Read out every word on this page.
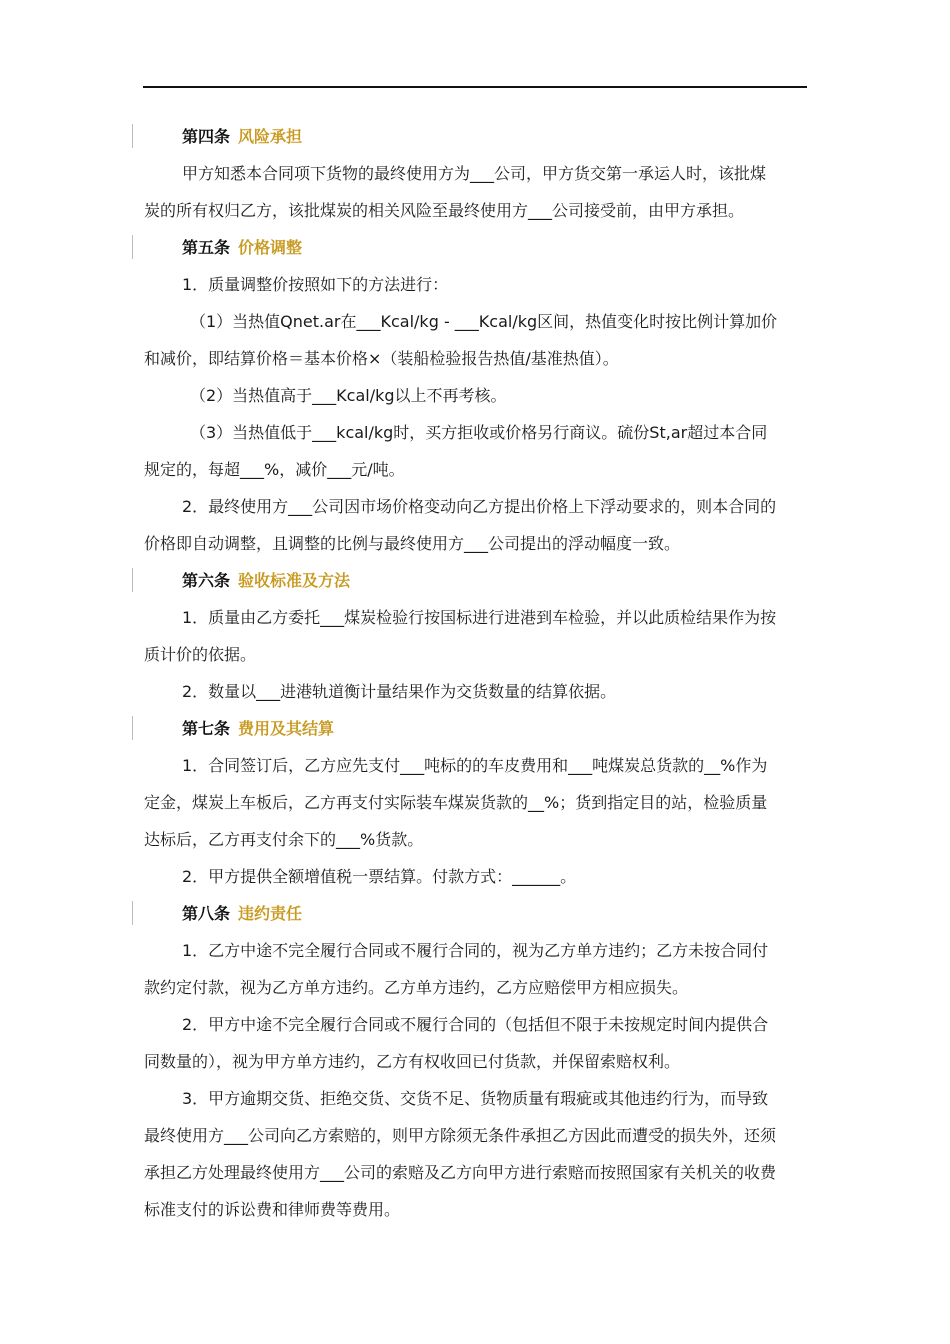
第四条 风险承担
甲方知悉本合同项下货物的最终使用方为___公司，甲方货交第一承运人时，该批煤
炭的所有权归乙方，该批煤炭的相关风险至最终使用方___公司接受前，由甲方承担。
第五条 价格调整
1．质量调整价按照如下的方法进行：
（1）当热值Qnet.ar在___Kcal/kg - ___Kcal/kg区间，热值变化时按比例计算加价
和减价，即结算价格＝基本价格×（装船检验报告热值/基准热值）。
（2）当热值高于___Kcal/kg以上不再考核。
（3）当热值低于___kcal/kg时，买方拒收或价格另行商议。硫份St,ar超过本合同
规定的，每超___%，减价___元/吨。
2．最终使用方___公司因市场价格变动向乙方提出价格上下浮动要求的，则本合同的
价格即自动调整，且调整的比例与最终使用方___公司提出的浮动幅度一致。
第六条 验收标准及方法
1．质量由乙方委托___煤炭检验行按国标进行进港到车检验，并以此质检结果作为按
质计价的依据。
2．数量以___进港轨道衡计量结果作为交货数量的结算依据。
第七条 费用及其结算
1．合同签订后，乙方应先支付___吨标的的车皮费用和___吨煤炭总货款的__%作为
定金，煤炭上车板后，乙方再支付实际装车煤炭货款的__%；货到指定目的站，检验质量
达标后，乙方再支付余下的___%货款。
2．甲方提供全额增值税一票结算。付款方式：______。
第八条 违约责任
1．乙方中途不完全履行合同或不履行合同的，视为乙方单方违约；乙方未按合同付
款约定付款，视为乙方单方违约。乙方单方违约，乙方应赔偿甲方相应损失。
2．甲方中途不完全履行合同或不履行合同的（包括但不限于未按规定时间内提供合
同数量的），视为甲方单方违约，乙方有权收回已付货款，并保留索赔权利。
3．甲方逾期交货、拒绝交货、交货不足、货物质量有瑕疵或其他违约行为，而导致
最终使用方___公司向乙方索赔的，则甲方除须无条件承担乙方因此而遭受的损失外，还须
承担乙方处理最终使用方___公司的索赔及乙方向甲方进行索赔而按照国家有关机关的收费
标准支付的诉讼费和律师费等费用。
